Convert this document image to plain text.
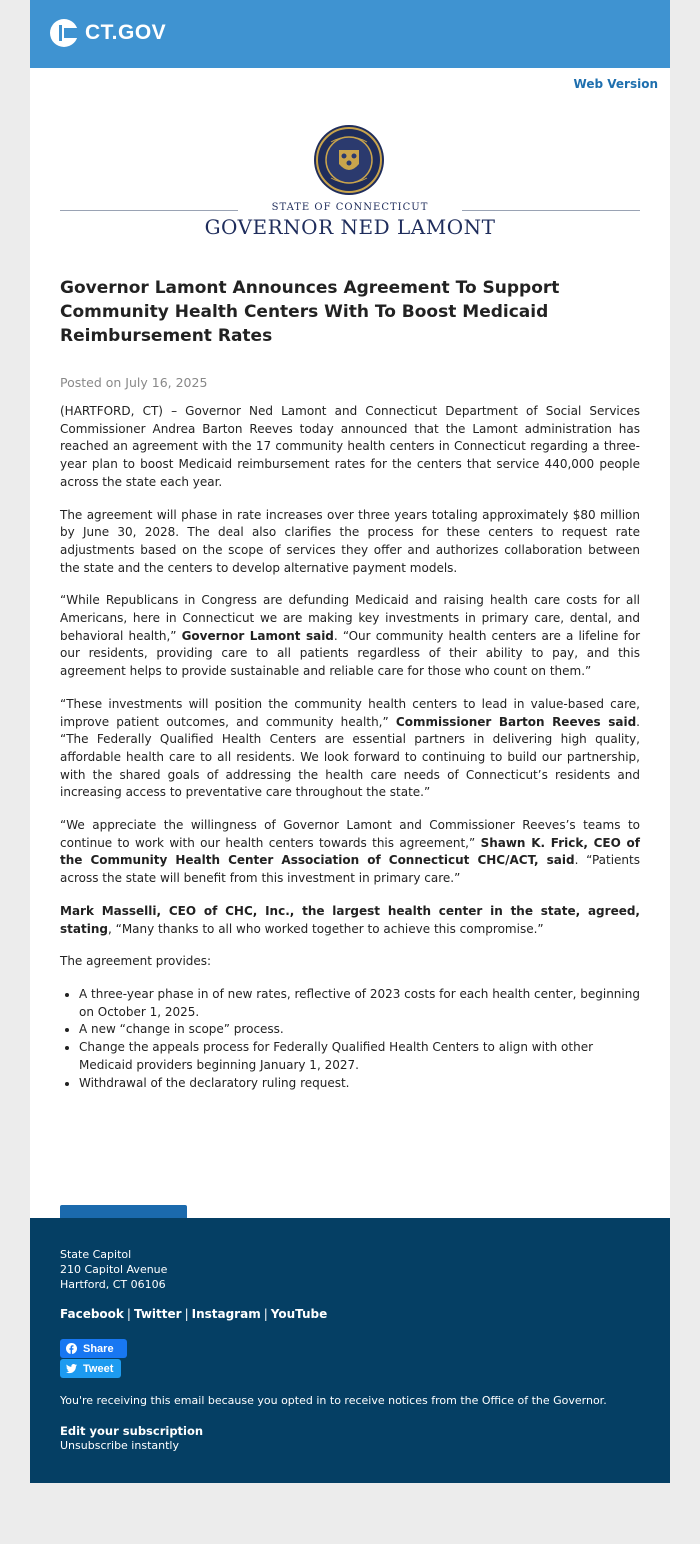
CT.GOV
Web Version
STATE OF CONNECTICUT
GOVERNOR NED LAMONT
Governor Lamont Announces Agreement To Support Community Health Centers With To Boost Medicaid Reimbursement Rates
Posted on July 16, 2025

(HARTFORD, CT) – Governor Ned Lamont and Connecticut Department of Social Services Commissioner Andrea Barton Reeves today announced that the Lamont administration has reached an agreement with the 17 community health centers in Connecticut regarding a three-year plan to boost Medicaid reimbursement rates for the centers that service 440,000 people across the state each year.

The agreement will phase in rate increases over three years totaling approximately $80 million by June 30, 2028. The deal also clarifies the process for these centers to request rate adjustments based on the scope of services they offer and authorizes collaboration between the state and the centers to develop alternative payment models.

“While Republicans in Congress are defunding Medicaid and raising health care costs for all Americans, here in Connecticut we are making key investments in primary care, dental, and behavioral health,” Governor Lamont said. “Our community health centers are a lifeline for our residents, providing care to all patients regardless of their ability to pay, and this agreement helps to provide sustainable and reliable care for those who count on them.”

“These investments will position the community health centers to lead in value-based care, improve patient outcomes, and community health,” Commissioner Barton Reeves said. “The Federally Qualified Health Centers are essential partners in delivering high quality, affordable health care to all residents. We look forward to continuing to build our partnership, with the shared goals of addressing the health care needs of Connecticut’s residents and increasing access to preventative care throughout the state.”

“We appreciate the willingness of Governor Lamont and Commissioner Reeves’s teams to continue to work with our health centers towards this agreement,” Shawn K. Frick, CEO of the Community Health Center Association of Connecticut CHC/ACT, said. “Patients across the state will benefit from this investment in primary care.”

Mark Masselli, CEO of CHC, Inc., the largest health center in the state, agreed, stating, “Many thanks to all who worked together to achieve this compromise.”

The agreement provides:

• A three-year phase in of new rates, reflective of 2023 costs for each health center, beginning on October 1, 2025.
• A new “change in scope” process.
• Change the appeals process for Federally Qualified Health Centers to align with other Medicaid providers beginning January 1, 2027.
• Withdrawal of the declaratory ruling request.
State Capitol
210 Capitol Avenue
Hartford, CT 06106
Facebook | Twitter | Instagram | YouTube
Share
Tweet
You're receiving this email because you opted in to receive notices from the Office of the Governor.
Edit your subscription
Unsubscribe instantly
